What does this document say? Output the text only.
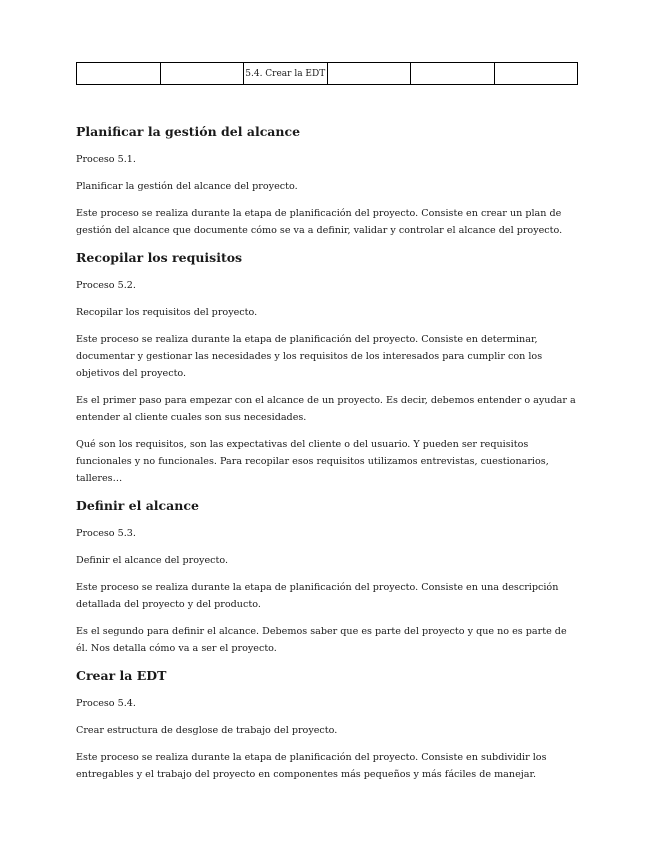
		5.4. Crear la EDT			
Planificar la gestión del alcance

Proceso 5.1.

Planificar la gestión del alcance del proyecto.

Este proceso se realiza durante la etapa de planificación del proyecto. Consiste en crear un plan de gestión del alcance que documente cómo se va a definir, validar y controlar el alcance del proyecto.

Recopilar los requisitos

Proceso 5.2.

Recopilar los requisitos del proyecto.

Este proceso se realiza durante la etapa de planificación del proyecto. Consiste en determinar, documentar y gestionar las necesidades y los requisitos de los interesados para cumplir con los objetivos del proyecto.

Es el primer paso para empezar con el alcance de un proyecto. Es decir, debemos entender o ayudar a entender al cliente cuales son sus necesidades.

Qué son los requisitos, son las expectativas del cliente o del usuario. Y pueden ser requisitos funcionales y no funcionales. Para recopilar esos requisitos utilizamos entrevistas, cuestionarios, talleres…

Definir el alcance

Proceso 5.3.

Definir el alcance del proyecto.

Este proceso se realiza durante la etapa de planificación del proyecto. Consiste en una descripción detallada del proyecto y del producto.

Es el segundo para definir el alcance. Debemos saber que es parte del proyecto y que no es parte de él. Nos detalla cómo va a ser el proyecto.

Crear la EDT

Proceso 5.4.

Crear estructura de desglose de trabajo del proyecto.

Este proceso se realiza durante la etapa de planificación del proyecto. Consiste en subdividir los entregables y el trabajo del proyecto en componentes más pequeños y más fáciles de manejar.
